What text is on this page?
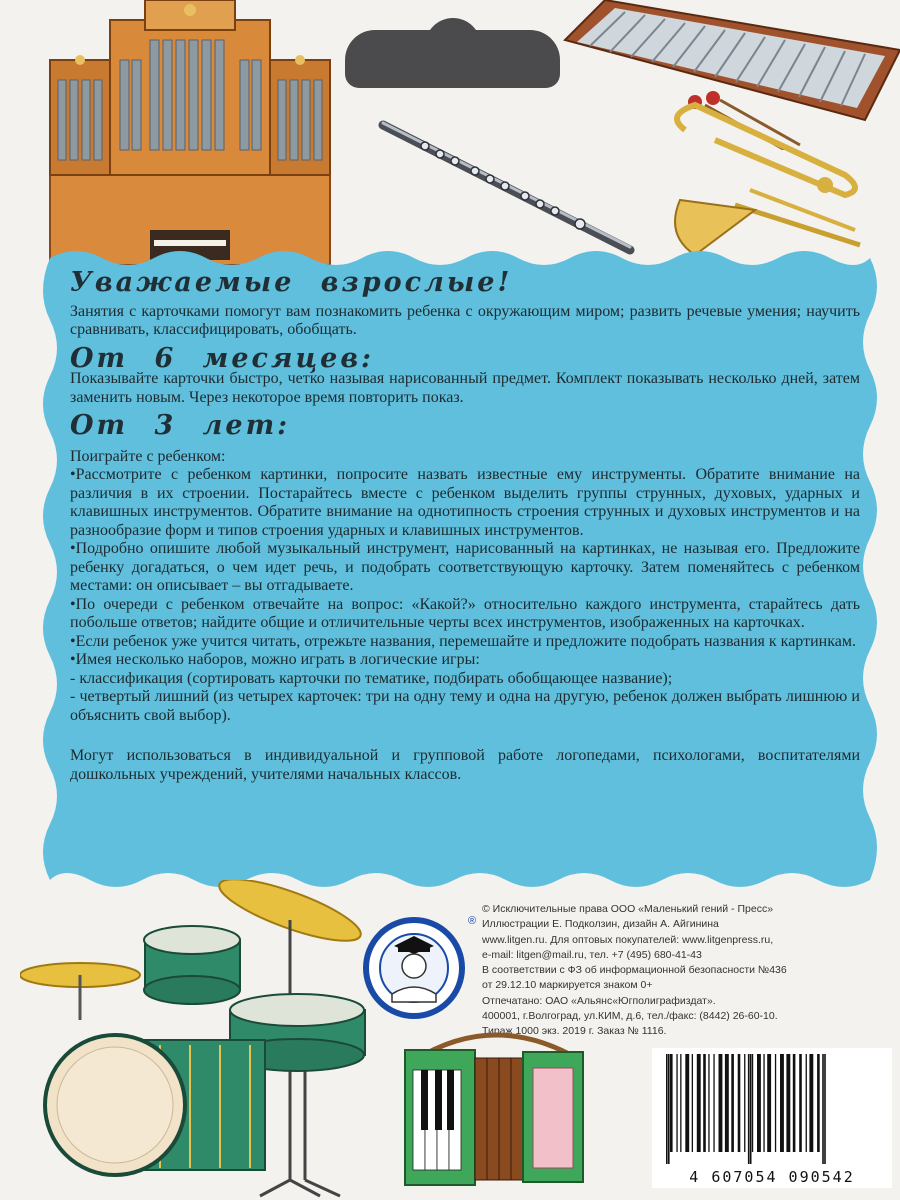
Уважаемые взрослые!

Занятия с карточками помогут вам познакомить ребенка с окружающим миром; развить речевые умения; научить сравнивать, классифицировать, обобщать.

От 6 месяцев:

Показывайте карточки быстро, четко называя нарисованный предмет. Комплект показывать несколько дней, затем заменить новым. Через некоторое время повторить показ.

От 3 лет:

Поиграйте с ребенком:

•Рассмотрите с ребенком картинки, попросите назвать известные ему инструменты. Обратите внимание на различия в их строении. Постарайтесь вместе с ребенком выделить группы струнных, духовых, ударных и клавишных инструментов. Обратите внимание на однотипность строения струнных и духовых инструментов и на разнообразие форм и типов строения ударных и клавишных инструментов.

•Подробно опишите любой музыкальный инструмент, нарисованный на картинках, не называя его. Предложите ребенку догадаться, о чем идет речь, и подобрать соответствующую карточку. Затем поменяйтесь с ребенком местами: он описывает – вы отгадываете.

•По очереди с ребенком отвечайте на вопрос: «Какой?» относительно каждого инструмента, старайтесь дать побольше ответов; найдите общие и отличительные черты всех инструментов, изображенных на карточках.

•Если ребенок уже учится читать, отрежьте названия, перемешайте и предложите подобрать названия к картинкам.

•Имея несколько наборов, можно играть в логические игры:

- классификация (сортировать карточки по тематике, подбирать обобщающее название);

- четвертый лишний (из четырех карточек: три на одну тему и одна на другую, ребенок должен выбрать лишнюю и объяснить свой выбор).

Могут использоваться в индивидуальной и групповой работе логопедами, психологами, воспитателями дошкольных учреждений, учителями начальных классов.

®
© Исключительные права ООО «Маленький гений - Пресс»
Иллюстрации Е. Подколзин, дизайн А. Айгинина
www.litgen.ru. Для оптовых покупателей: www.litgenpress.ru,
e-mail: litgen@mail.ru, тел. +7 (495) 680-41-43
В соответствии с ФЗ об информационной безопасности №436
от 29.12.10 маркируется знаком 0+
Отпечатано: ОАО «Альянс«Югполиграфиздат».
400001, г.Волгоград, ул.КИМ, д.6, тел./факс: (8442) 26-60-10.
Тираж 1000 экз. 2019 г. Заказ № 1116.
4 607054 090542
